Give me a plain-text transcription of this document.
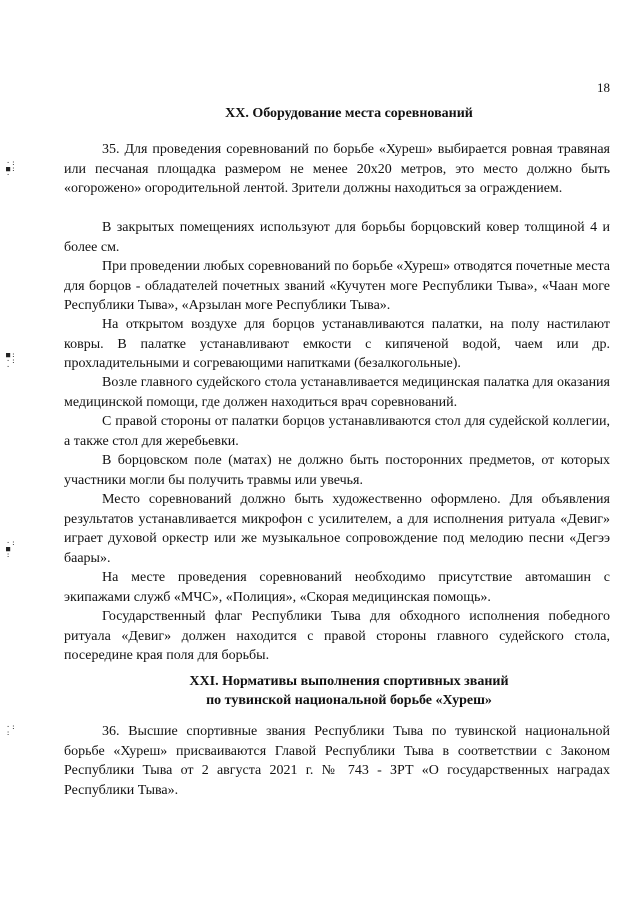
18
·:
■:
·
■:
·:
·
·:
■
:
·:
:
XX. Оборудование места соревнований

35. Для проведения соревнований по борьбе «Хуреш» выбирается ровная травяная или песчаная площадка размером не менее 20х20 метров, это место должно быть «огорожено» огородительной лентой. Зрители должны находиться за ограждением.

В закрытых помещениях используют для борьбы борцовский ковер толщиной 4 и более см.

При проведении любых соревнований по борьбе «Хуреш» отводятся почетные места для борцов - обладателей почетных званий «Кучутен моге Республики Тыва», «Чаан моге Республики Тыва», «Арзылан моге Республики Тыва».

На открытом воздухе для борцов устанавливаются палатки, на полу настилают ковры. В палатке устанавливают емкости с кипяченой водой, чаем или др. прохладительными и согревающими напитками (безалкогольные).

Возле главного судейского стола устанавливается медицинская палатка для оказания медицинской помощи, где должен находиться врач соревнований.

С правой стороны от палатки борцов устанавливаются стол для судейской коллегии, а также стол для жеребьевки.

В борцовском поле (матах) не должно быть посторонних предметов, от которых участники могли бы получить травмы или увечья.

Место соревнований должно быть художественно оформлено. Для объявления результатов устанавливается микрофон с усилителем, а для исполнения ритуала «Девиг» играет духовой оркестр или же музыкальное сопровождение под мелодию песни «Дегээ баары».

На месте проведения соревнований необходимо присутствие автомашин с экипажами служб «МЧС», «Полиция», «Скорая медицинская помощь».

Государственный флаг Республики Тыва для обходного исполнения победного ритуала «Девиг» должен находится с правой стороны главного судейского стола, посередине края поля для борьбы.

XXI. Нормативы выполнения спортивных званий
по тувинской национальной борьбе «Хуреш»

36. Высшие спортивные звания Республики Тыва по тувинской национальной борьбе «Хуреш» присваиваются Главой Республики Тыва в соответствии с Законом Республики Тыва от 2 августа 2021 г. № 743 - ЗРТ «О государственных наградах Республики Тыва».
